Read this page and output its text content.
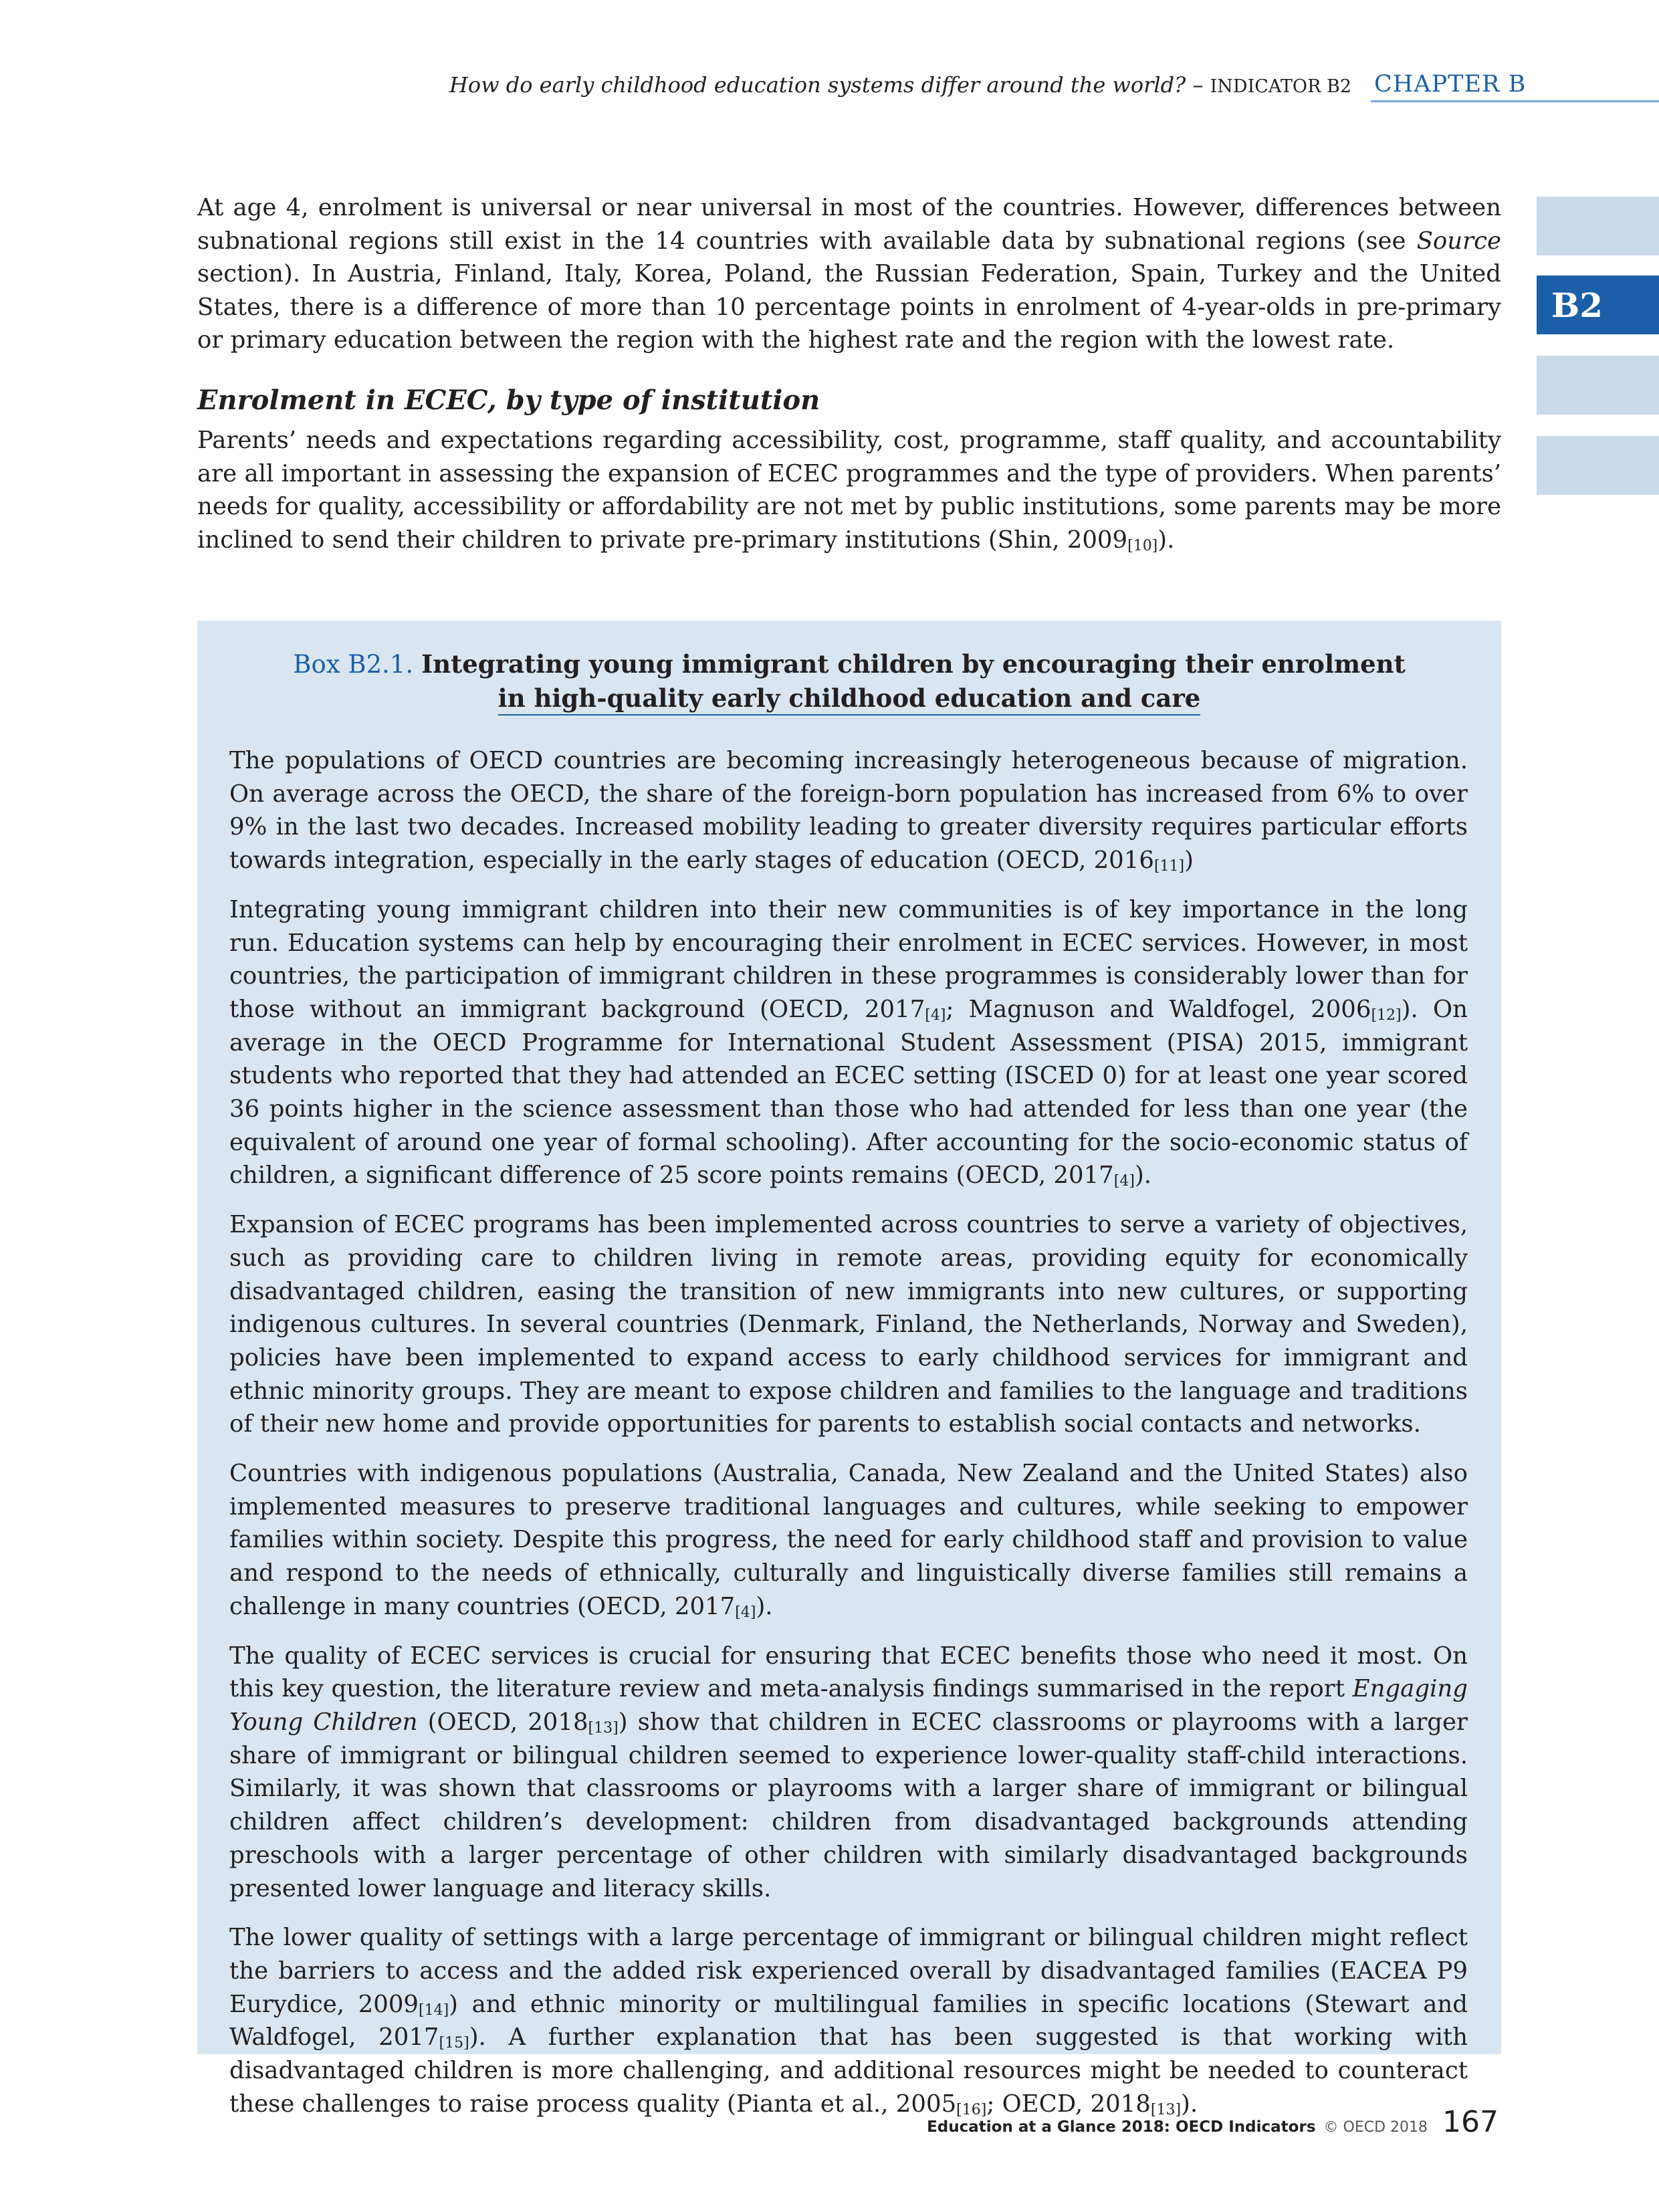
How do early childhood education systems differ around the world? – INDICATOR B2 CHAPTER B
B2

At age 4, enrolment is universal or near universal in most of the countries. However, differences between subnational regions still exist in the 14 countries with available data by subnational regions (see Source section). In Austria, Finland, Italy, Korea, Poland, the Russian Federation, Spain, Turkey and the United States, there is a difference of more than 10 percentage points in enrolment of 4-year-olds in pre-primary or primary education between the region with the highest rate and the region with the lowest rate.

Enrolment in ECEC, by type of institution

Parents’ needs and expectations regarding accessibility, cost, programme, staff quality, and accountability are all important in assessing the expansion of ECEC programmes and the type of providers. When parents’ needs for quality, accessibility or affordability are not met by public institutions, some parents may be more inclined to send their children to private pre-primary institutions (Shin, $2009_{[10]}$).

Box B2.1. Integrating young immigrant children by encouraging their enrolment
in high-quality early childhood education and care

The populations of OECD countries are becoming increasingly heterogeneous because of migration. On average across the OECD, the share of the foreign-born population has increased from 6% to over 9% in the last two decades. Increased mobility leading to greater diversity requires particular efforts towards integration, especially in the early stages of education (OECD, $2016_{[11]}$)

Integrating young immigrant children into their new communities is of key importance in the long run. Education systems can help by encouraging their enrolment in ECEC services. However, in most countries, the participation of immigrant children in these programmes is considerably lower than for those without an immigrant background (OECD, $2017_{[4]}$; Magnuson and Waldfogel, $2006_{[12]}$). On average in the OECD Programme for International Student Assessment (PISA) 2015, immigrant students who reported that they had attended an ECEC setting (ISCED 0) for at least one year scored 36 points higher in the science assessment than those who had attended for less than one year (the equivalent of around one year of formal schooling). After accounting for the socio-economic status of children, a significant difference of 25 score points remains (OECD, $2017_{[4]}$).

Expansion of ECEC programs has been implemented across countries to serve a variety of objectives, such as providing care to children living in remote areas, providing equity for economically disadvantaged children, easing the transition of new immigrants into new cultures, or supporting indigenous cultures. In several countries (Denmark, Finland, the Netherlands, Norway and Sweden), policies have been implemented to expand access to early childhood services for immigrant and ethnic minority groups. They are meant to expose children and families to the language and traditions of their new home and provide opportunities for parents to establish social contacts and networks.

Countries with indigenous populations (Australia, Canada, New Zealand and the United States) also implemented measures to preserve traditional languages and cultures, while seeking to empower families within society. Despite this progress, the need for early childhood staff and provision to value and respond to the needs of ethnically, culturally and linguistically diverse families still remains a challenge in many countries (OECD, $2017_{[4]}$).

The quality of ECEC services is crucial for ensuring that ECEC benefits those who need it most. On this key question, the literature review and meta-analysis findings summarised in the report Engaging Young Children (OECD, $2018_{[13]}$) show that children in ECEC classrooms or playrooms with a larger share of immigrant or bilingual children seemed to experience lower-quality staff-child interactions. Similarly, it was shown that classrooms or playrooms with a larger share of immigrant or bilingual children affect children’s development: children from disadvantaged backgrounds attending preschools with a larger percentage of other children with similarly disadvantaged backgrounds presented lower language and literacy skills.

The lower quality of settings with a large percentage of immigrant or bilingual children might reflect the barriers to access and the added risk experienced overall by disadvantaged families (EACEA P9 Eurydice, $2009_{[14]}$) and ethnic minority or multilingual families in specific locations (Stewart and Waldfogel, $2017_{[15]}$). A further explanation that has been suggested is that working with disadvantaged children is more challenging, and additional resources might be needed to counteract these challenges to raise process quality (Pianta et al., $2005_{[16]}$; OECD, $2018_{[13]}$).

Education at a Glance 2018: OECD Indicators © OECD 2018 167
